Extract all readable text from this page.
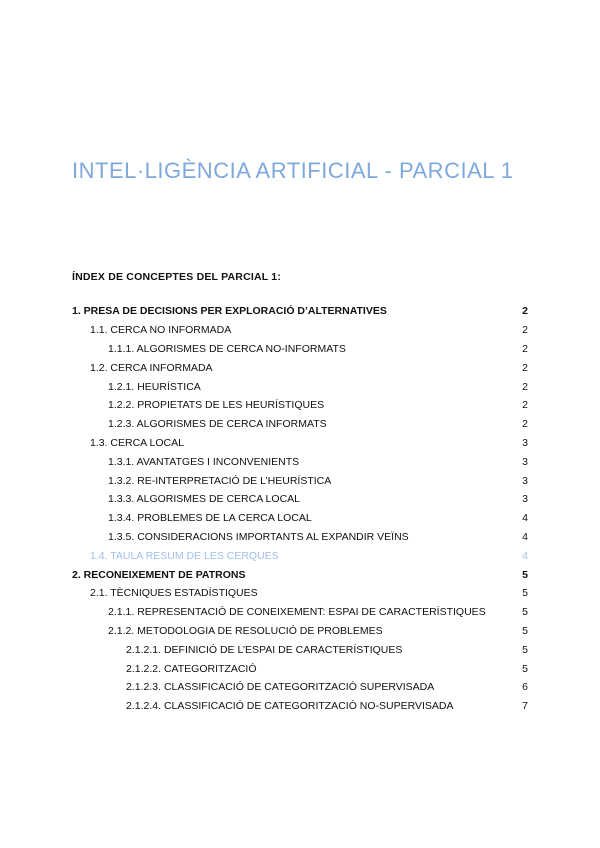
INTEL·LIGÈNCIA ARTIFICIAL - PARCIAL 1
ÍNDEX DE CONCEPTES DEL PARCIAL 1:
1. PRESA DE DECISIONS PER EXPLORACIÓ D’ALTERNATIVES	2
1.1. CERCA NO INFORMADA	2
1.1.1. ALGORISMES DE CERCA NO-INFORMATS	2
1.2. CERCA INFORMADA	2
1.2.1. HEURÍSTICA	2
1.2.2. PROPIETATS DE LES HEURÍSTIQUES	2
1.2.3. ALGORISMES DE CERCA INFORMATS	2
1.3. CERCA LOCAL	3
1.3.1. AVANTATGES I INCONVENIENTS	3
1.3.2. RE-INTERPRETACIÓ DE L’HEURÍSTICA	3
1.3.3. ALGORISMES DE CERCA LOCAL	3
1.3.4. PROBLEMES DE LA CERCA LOCAL	4
1.3.5. CONSIDERACIONS IMPORTANTS AL EXPANDIR VEÏNS	4
1.4. TAULA RESUM DE LES CERQUES	4
2. RECONEIXEMENT DE PATRONS	5
2.1. TÈCNIQUES ESTADÍSTIQUES	5
2.1.1. REPRESENTACIÓ DE CONEIXEMENT: ESPAI DE CARACTERÍSTIQUES	5
2.1.2. METODOLOGIA DE RESOLUCIÓ DE PROBLEMES	5
2.1.2.1. DEFINICIÓ DE L’ESPAI DE CARACTERÍSTIQUES	5
2.1.2.2. CATEGORITZACIÓ	5
2.1.2.3. CLASSIFICACIÓ DE CATEGORITZACIÓ SUPERVISADA	6
2.1.2.4. CLASSIFICACIÓ DE CATEGORITZACIÓ NO-SUPERVISADA	7
